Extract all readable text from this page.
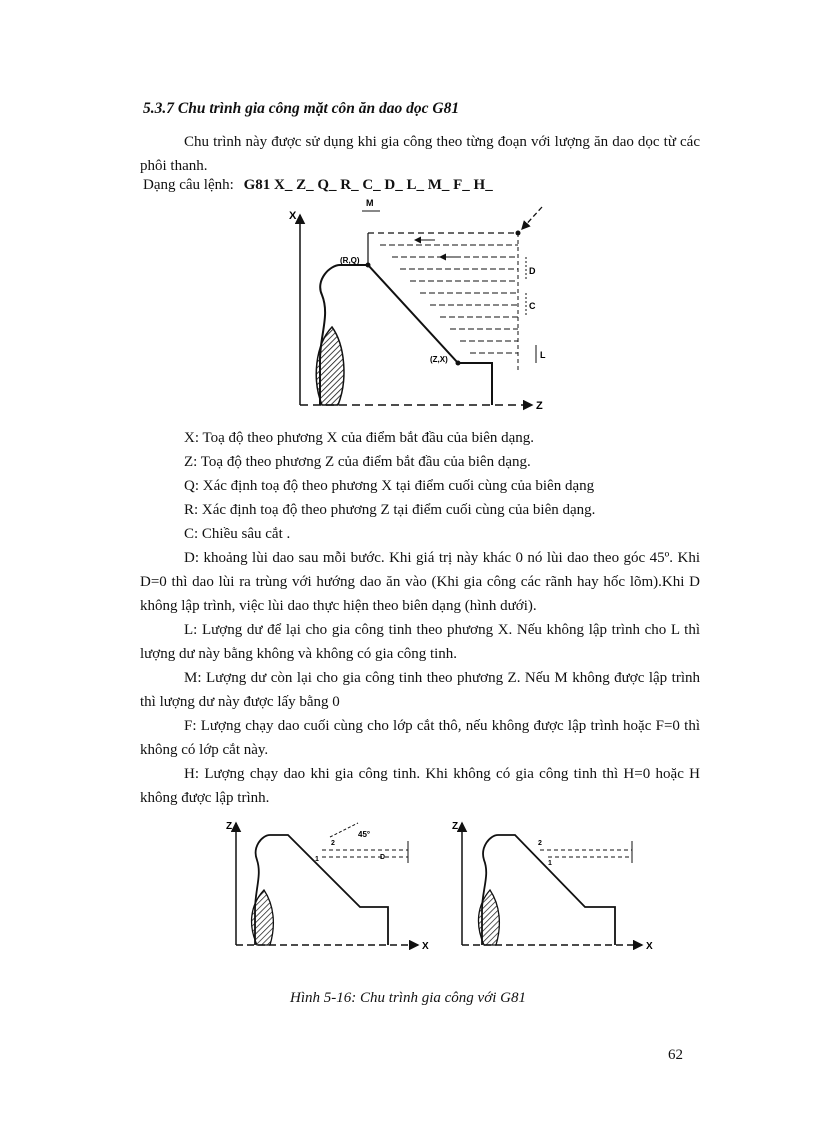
5.3.7 Chu trình gia công mặt côn ăn dao dọc G81

Chu trình này được sử dụng khi gia công theo từng đoạn với lượng ăn dao dọc từ các phôi thanh.

Dạng câu lệnh: G81 X_ Z_ Q_ R_ C_ D_ L_ M_ F_ H_
X
Z
M
(R,Q)
(Z,X)
D
C
L
X: Toạ độ theo phương X của điểm bắt đầu của biên dạng.
Z: Toạ độ theo phương Z của điểm bắt đầu của biên dạng.
Q: Xác định toạ độ theo phương X tại điểm cuối cùng của biên dạng
R: Xác định toạ độ theo phương Z tại điểm cuối cùng của biên dạng.
C: Chiều sâu cắt .

D: khoảng lùi dao sau mỗi bước. Khi giá trị này khác 0 nó lùi dao theo góc 45º. Khi D=0 thì dao lùi ra trùng với hướng dao ăn vào (Khi gia công các rãnh hay hốc lõm).Khi D không lập trình, việc lùi dao thực hiện theo biên dạng (hình dưới).

L: Lượng dư để lại cho gia công tinh theo phương X. Nếu không lập trình cho L thì lượng dư này bằng không và không có gia công tinh.

M: Lượng dư còn lại cho gia công tinh theo phương Z. Nếu M không được lập trình thì lượng dư này được lấy bằng 0

F: Lượng chạy dao cuối cùng cho lớp cắt thô, nếu không được lập trình hoặc F=0 thì không có lớp cắt này.

H: Lượng chạy dao khi gia công tinh. Khi không có gia công tinh thì H=0 hoặc H không được lập trình.

Z
X
45°
2
1	D
Z
X
2
1
Hình 5-16: Chu trình gia công với G81
62
